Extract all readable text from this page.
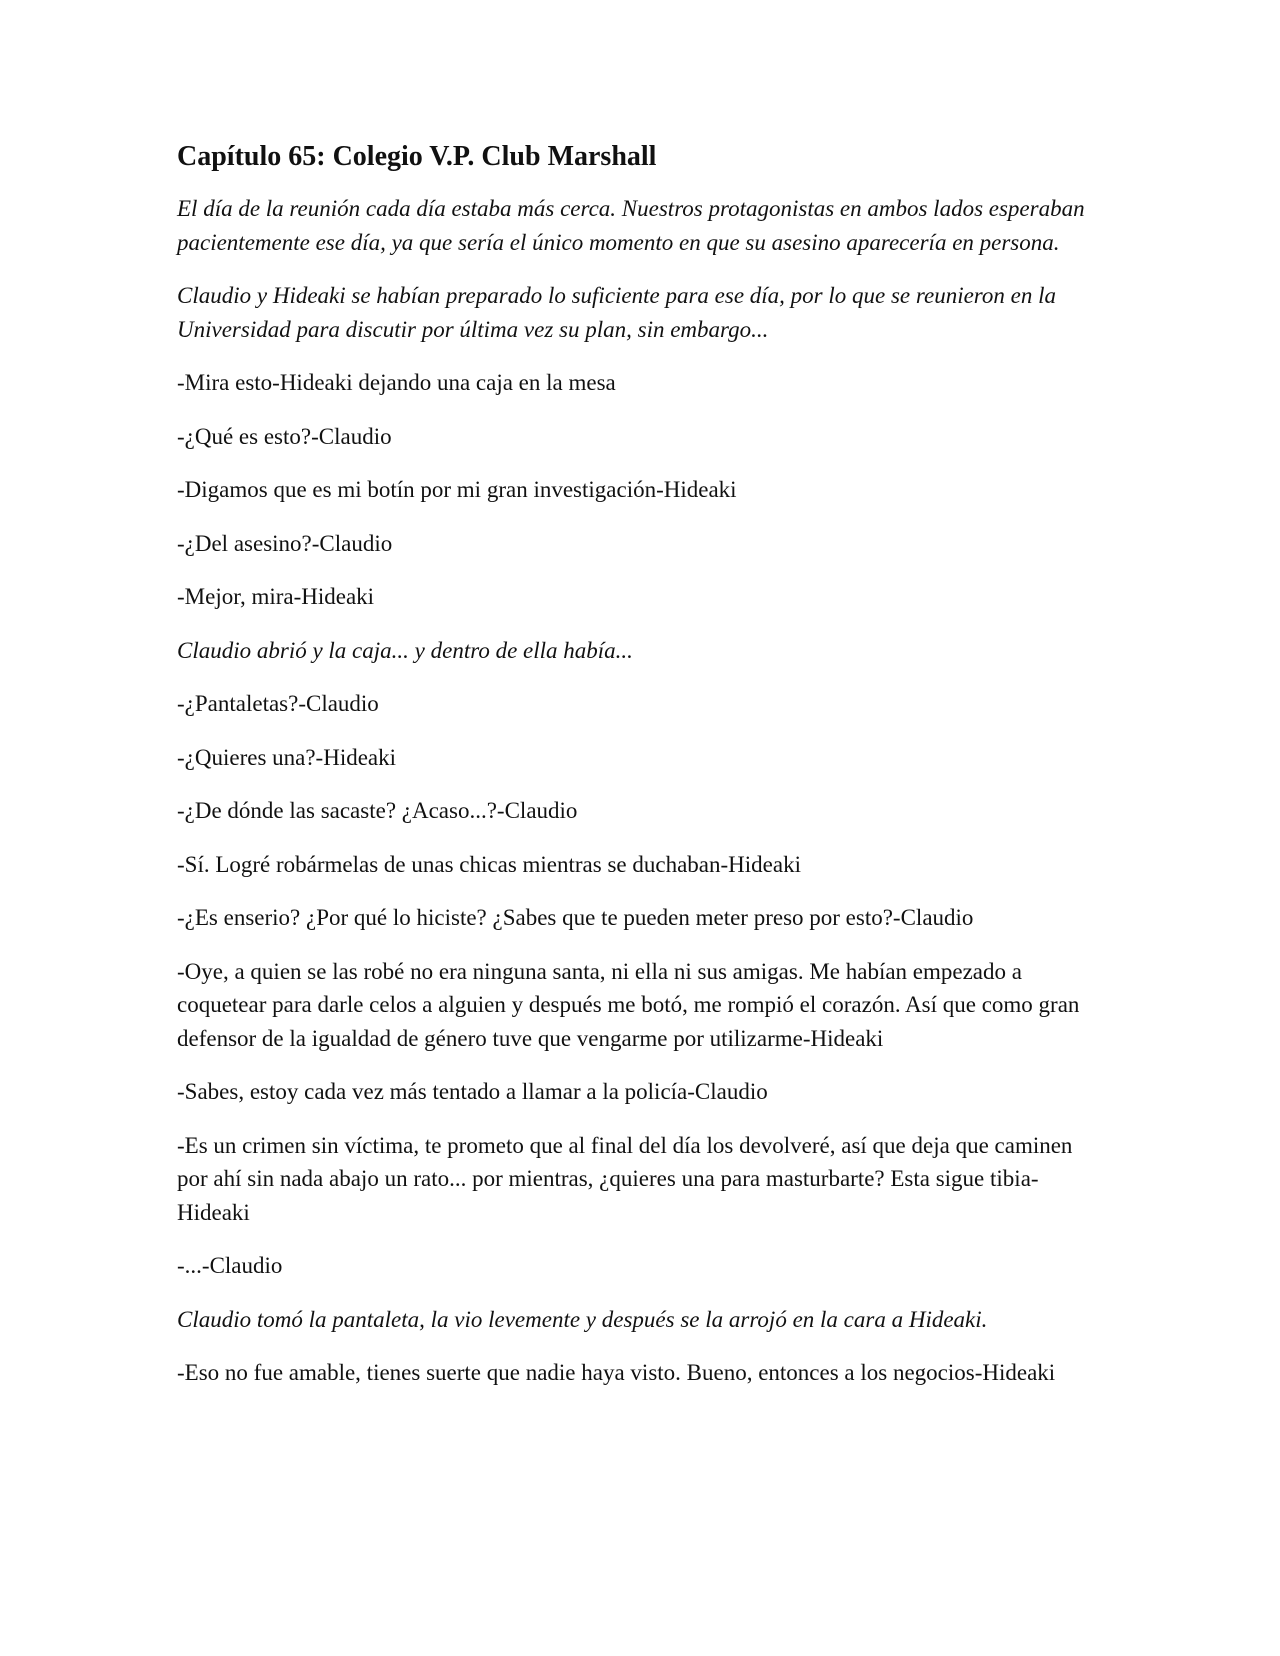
Capítulo 65: Colegio V.P. Club Marshall

El día de la reunión cada día estaba más cerca. Nuestros protagonistas en ambos lados esperaban pacientemente ese día, ya que sería el único momento en que su asesino aparecería en persona.

Claudio y Hideaki se habían preparado lo suficiente para ese día, por lo que se reunieron en la Universidad para discutir por última vez su plan, sin embargo...

-Mira esto-Hideaki dejando una caja en la mesa

-¿Qué es esto?-Claudio

-Digamos que es mi botín por mi gran investigación-Hideaki

-¿Del asesino?-Claudio

-Mejor, mira-Hideaki

Claudio abrió y la caja... y dentro de ella había...

-¿Pantaletas?-Claudio

-¿Quieres una?-Hideaki

-¿De dónde las sacaste? ¿Acaso...?-Claudio

-Sí. Logré robármelas de unas chicas mientras se duchaban-Hideaki

-¿Es enserio? ¿Por qué lo hiciste? ¿Sabes que te pueden meter preso por esto?-Claudio

-Oye, a quien se las robé no era ninguna santa, ni ella ni sus amigas. Me habían empezado a coquetear para darle celos a alguien y después me botó, me rompió el corazón. Así que como gran defensor de la igualdad de género tuve que vengarme por utilizarme-Hideaki

-Sabes, estoy cada vez más tentado a llamar a la policía-Claudio

-Es un crimen sin víctima, te prometo que al final del día los devolveré, así que deja que caminen por ahí sin nada abajo un rato... por mientras, ¿quieres una para masturbarte? Esta sigue tibia-Hideaki

-...-Claudio

Claudio tomó la pantaleta, la vio levemente y después se la arrojó en la cara a Hideaki.

-Eso no fue amable, tienes suerte que nadie haya visto. Bueno, entonces a los negocios-Hideaki
